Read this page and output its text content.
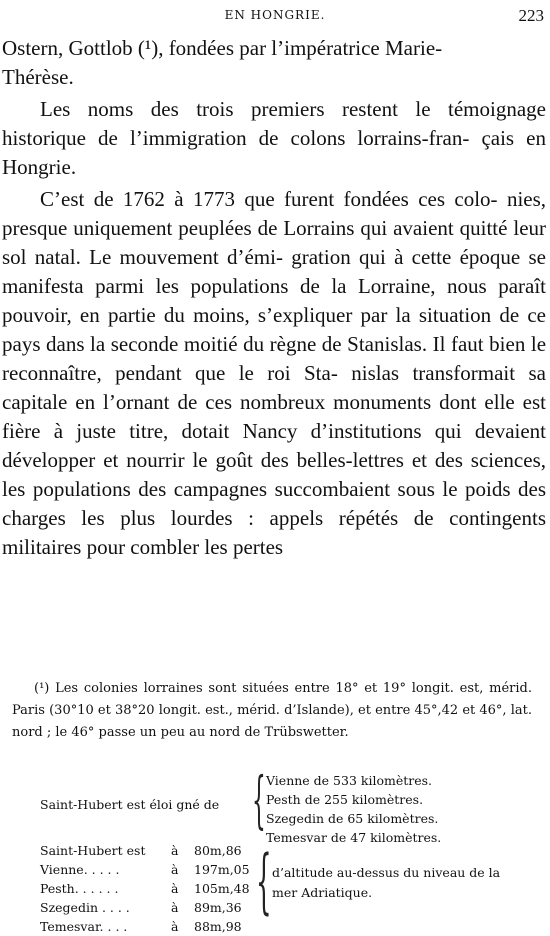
EN HONGRIE.	223

Ostern, Gottlob (¹), fondées par l’impératrice Marie-
Thérèse.

Les noms des trois premiers restent le témoignage historique de l’immigration de colons lorrains-fran- çais en Hongrie.

C’est de 1762 à 1773 que furent fondées ces colo- nies, presque uniquement peuplées de Lorrains qui avaient quitté leur sol natal. Le mouvement d’émi- gration qui à cette époque se manifesta parmi les populations de la Lorraine, nous paraît pouvoir, en partie du moins, s’expliquer par la situation de ce pays dans la seconde moitié du règne de Stanislas. Il faut bien le reconnaître, pendant que le roi Sta- nislas transformait sa capitale en l’ornant de ces nombreux monuments dont elle est fière à juste titre, dotait Nancy d’institutions qui devaient développer et nourrir le goût des belles-lettres et des sciences, les populations des campagnes succombaient sous le poids des charges les plus lourdes : appels répétés de contingents militaires pour combler les pertes

(¹) Les colonies lorraines sont situées entre 18° et 19° longit. est, mérid. Paris (30°10 et 38°20 longit. est., mérid. d’Islande), et entre 45°,42 et 46°, lat. nord ; le 46° passe un peu au nord de Trübswetter.

Saint-Hubert est éloi gné de { Vienne de 533 kilomètres.
Pesth de 255 kilomètres.
Szegedin de 65 kilomètres.
Temesvar de 47 kilomètres.
Saint-Hubert est	à	80m,86
Vienne. . . . .	à	197m,05
Pesth. . . . . .	à	105m,48
Szegedin . . . .	à	89m,36
Temesvar. . . .	à	88m,98
{ d’altitude au-dessus du niveau de la
mer Adriatique.
